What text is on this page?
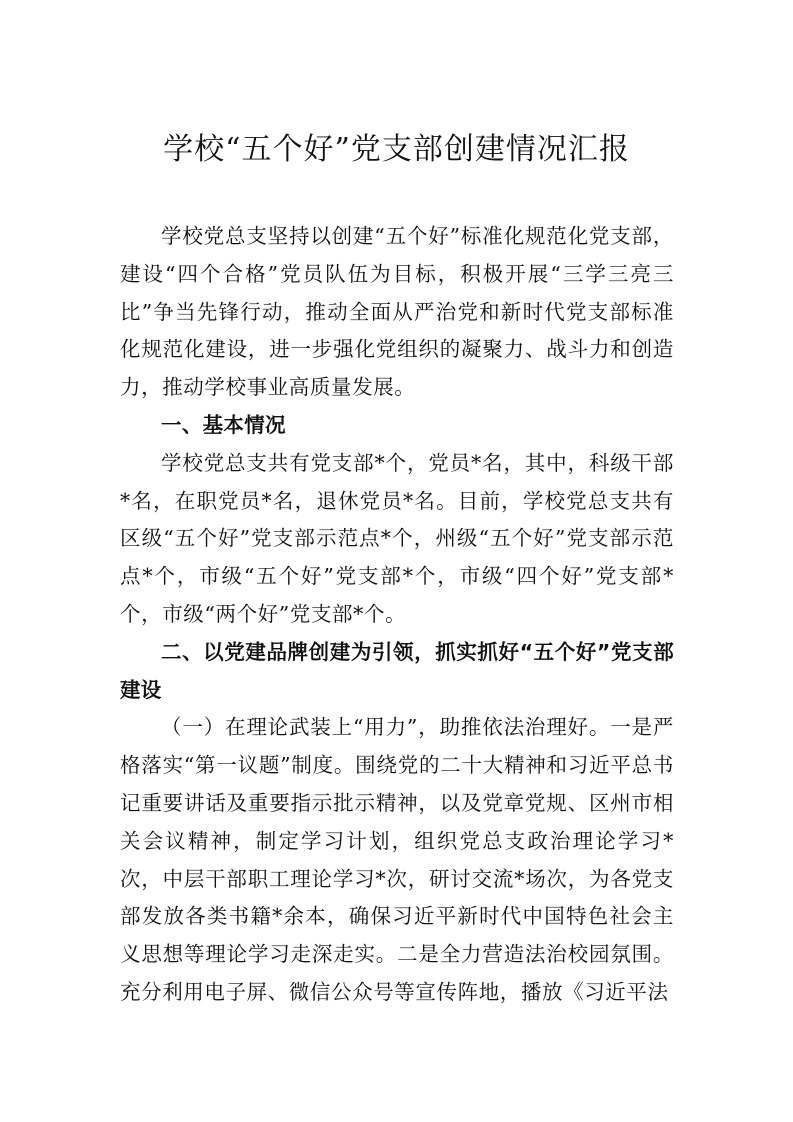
学校“五个好”党支部创建情况汇报

学校党总支坚持以创建“五个好”标准化规范化党支部，建设“四个合格”党员队伍为目标，积极开展“三学三亮三比”争当先锋行动，推动全面从严治党和新时代党支部标准化规范化建设，进一步强化党组织的凝聚力、战斗力和创造力，推动学校事业高质量发展。

一、基本情况

学校党总支共有党支部*个，党员*名，其中，科级干部*名，在职党员*名，退休党员*名。目前，学校党总支共有区级“五个好”党支部示范点*个，州级“五个好”党支部示范点*个，市级“五个好”党支部*个，市级“四个好”党支部*个，市级“两个好”党支部*个。

二、以党建品牌创建为引领，抓实抓好“五个好”党支部建设

（一）在理论武装上“用力”，助推依法治理好。一是严格落实“第一议题”制度。围绕党的二十大精神和习近平总书记重要讲话及重要指示批示精神，以及党章党规、区州市相关会议精神，制定学习计划，组织党总支政治理论学习*次，中层干部职工理论学习*次，研讨交流*场次，为各党支部发放各类书籍*余本，确保习近平新时代中国特色社会主义思想等理论学习走深走实。二是全力营造法治校园氛围。充分利用电子屏、微信公众号等宣传阵地，播放《习近平法
